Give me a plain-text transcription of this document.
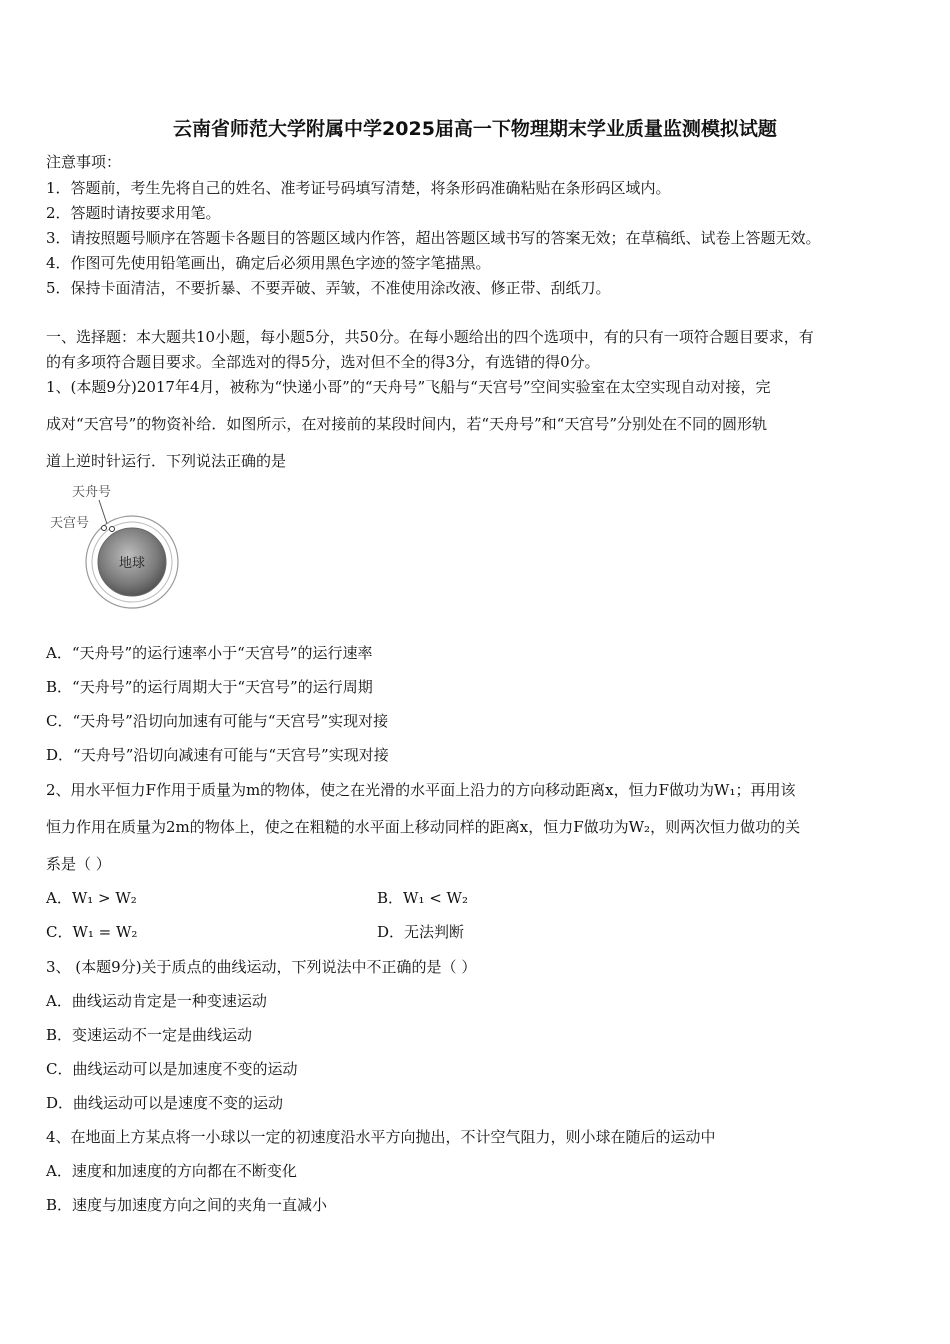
云南省师范大学附属中学2025届高一下物理期末学业质量监测模拟试题
注意事项：
1．答题前，考生先将自己的姓名、准考证号码填写清楚，将条形码准确粘贴在条形码区域内。
2．答题时请按要求用笔。
3．请按照题号顺序在答题卡各题目的答题区域内作答，超出答题区域书写的答案无效；在草稿纸、试卷上答题无效。
4．作图可先使用铅笔画出，确定后必须用黑色字迹的签字笔描黑。
5．保持卡面清洁，不要折暴、不要弄破、弄皱，不准使用涂改液、修正带、刮纸刀。
一、选择题：本大题共10小题，每小题5分，共50分。在每小题给出的四个选项中，有的只有一项符合题目要求，有
的有多项符合题目要求。全部选对的得5分，选对但不全的得3分，有选错的得0分。
1、(本题9分)2017年4月，被称为“快递小哥”的“天舟号”飞船与“天宫号”空间实验室在太空实现自动对接，完
成对“天宫号”的物资补给．如图所示，在对接前的某段时间内，若“天舟号”和“天宫号”分别处在不同的圆形轨
道上逆时针运行．下列说法正确的是
地球
天舟号
天宫号
A．“天舟号”的运行速率小于“天宫号”的运行速率
B．“天舟号”的运行周期大于“天宫号”的运行周期
C．“天舟号”沿切向加速有可能与“天宫号”实现对接
D．“天舟号”沿切向减速有可能与“天宫号”实现对接
2、用水平恒力F作用于质量为m的物体，使之在光滑的水平面上沿力的方向移动距离x，恒力F做功为W₁；再用该
恒力作用在质量为2m的物体上，使之在粗糙的水平面上移动同样的距离x，恒力F做功为W₂，则两次恒力做功的关
系是（ ）
A．W₁ > W₂	B．W₁ < W₂
C．W₁ = W₂	D．无法判断
3、 (本题9分)关于质点的曲线运动，下列说法中不正确的是（ ）
A．曲线运动肯定是一种变速运动
B．变速运动不一定是曲线运动
C．曲线运动可以是加速度不变的运动
D．曲线运动可以是速度不变的运动
4、在地面上方某点将一小球以一定的初速度沿水平方向抛出，不计空气阻力，则小球在随后的运动中
A．速度和加速度的方向都在不断变化
B．速度与加速度方向之间的夹角一直减小
